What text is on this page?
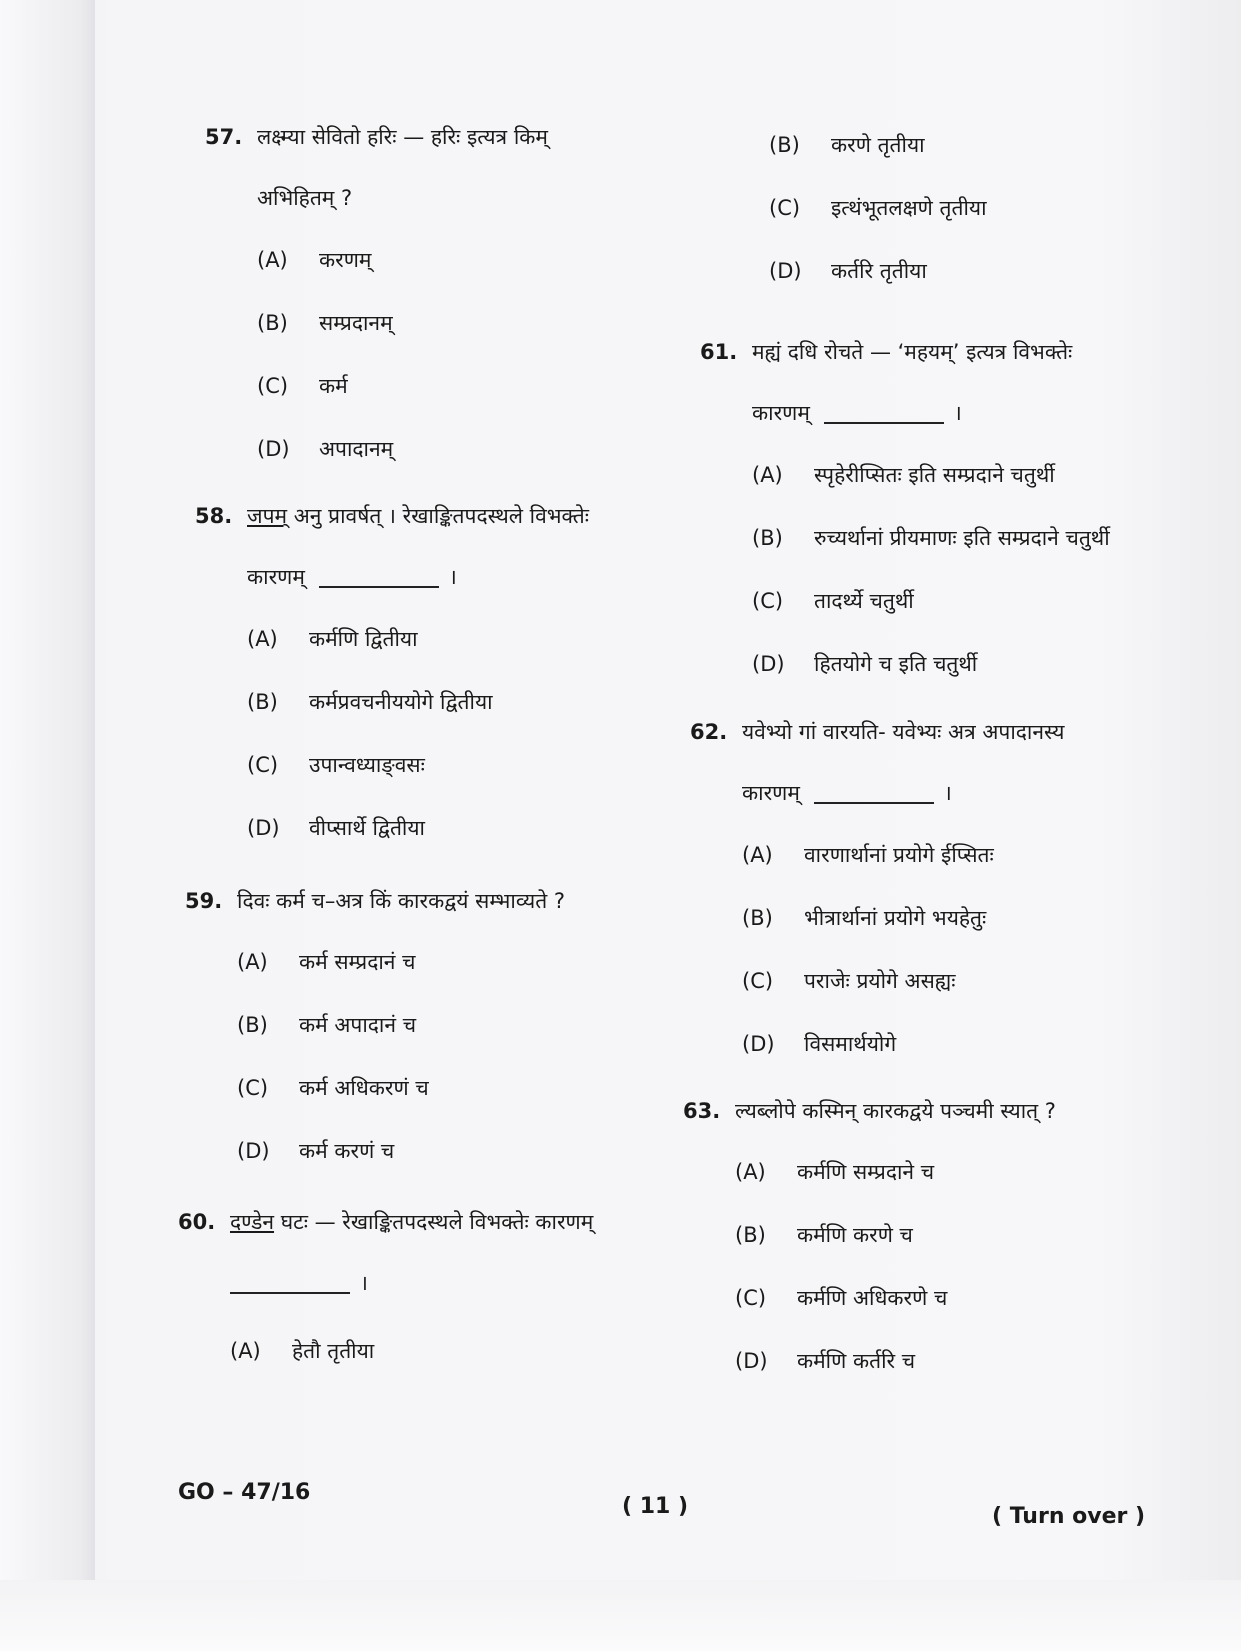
57. लक्ष्म्या सेवितो हरिः — हरिः इत्यत्र किम्
अभिहितम् ?
(A)	करणम्
(B)	सम्प्रदानम्
(C)	कर्म
(D)	अपादानम्
58. जपम् अनु प्रावर्षत् । रेखाङ्कितपदस्थले विभक्तेः
कारणम्	।
(A)	कर्मणि द्वितीया
(B)	कर्मप्रवचनीययोगे द्वितीया
(C)	उपान्वध्याङ्वसः
(D)	वीप्सार्थे द्वितीया
59. दिवः कर्म च–अत्र किं कारकद्वयं सम्भाव्यते ?
(A)	कर्म सम्प्रदानं च
(B)	कर्म अपादानं च
(C)	कर्म अधिकरणं च
(D)	कर्म करणं च
60. दण्डेन घटः — रेखाङ्कितपदस्थले विभक्तेः कारणम्
।
(A)	हेतौ तृतीया
(B)	करणे तृतीया
(C)	इत्थंभूतलक्षणे तृतीया
(D)	कर्तरि तृतीया
61. मह्यं दधि रोचते — ‘महयम्’ इत्यत्र विभक्तेः
कारणम्	।
(A)	स्पृहेरीप्सितः इति सम्प्रदाने चतुर्थी
(B)	रुच्यर्थानां प्रीयमाणः इति सम्प्रदाने चतुर्थी
(C)	तादर्थ्ये चतुर्थी
(D)	हितयोगे च इति चतुर्थी
62. यवेभ्यो गां वारयति- यवेभ्यः अत्र अपादानस्य
कारणम्	।
(A)	वारणार्थानां प्रयोगे ईप्सितः
(B)	भीत्रार्थानां प्रयोगे भयहेतुः
(C)	पराजेः प्रयोगे असह्यः
(D)	विसमार्थयोगे
63. ल्यब्लोपे कस्मिन् कारकद्वये पञ्चमी स्यात् ?
(A)	कर्मणि सम्प्रदाने च
(B)	कर्मणि करणे च
(C)	कर्मणि अधिकरणे च
(D)	कर्मणि कर्तरि च
GO – 47/16
( 11 )	( Turn over )
